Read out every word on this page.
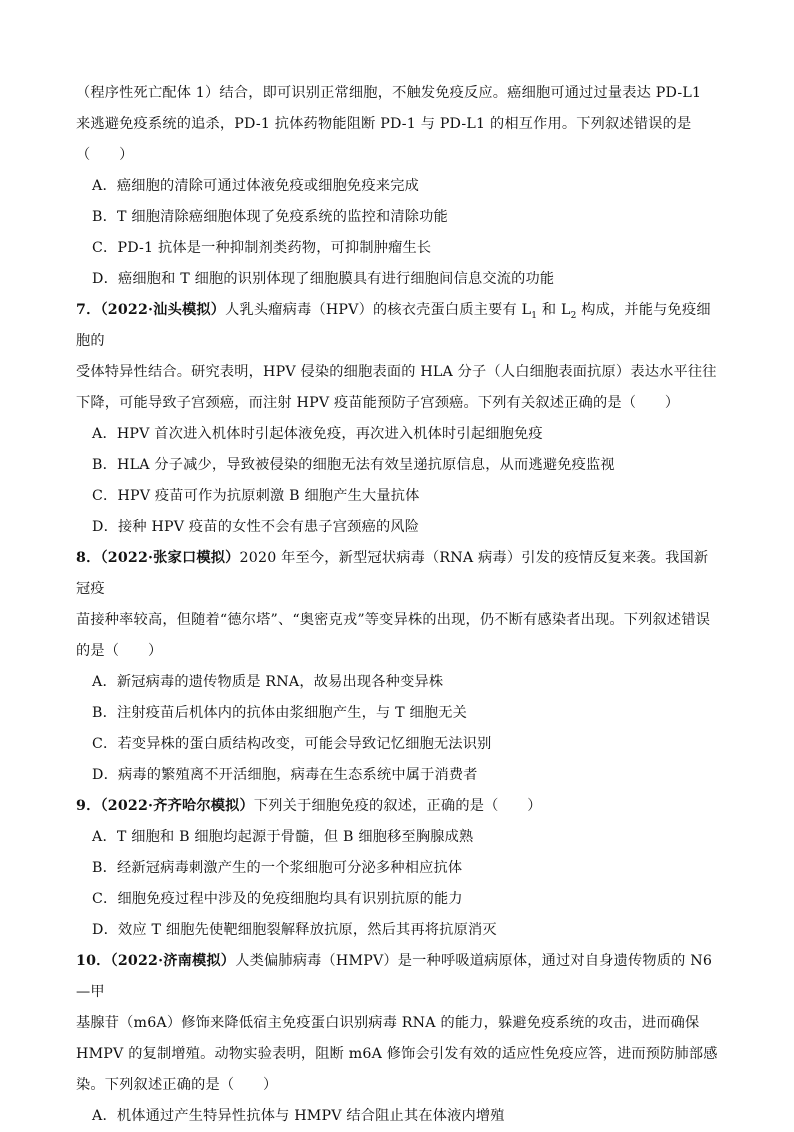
（程序性死亡配体 1）结合，即可识别正常细胞，不触发免疫反应。癌细胞可通过过量表达 PD-L1

来逃避免疫系统的追杀，PD-1 抗体药物能阻断 PD-1 与 PD-L1 的相互作用。下列叙述错误的是

（　　）

A．癌细胞的清除可通过体液免疫或细胞免疫来完成

B．T 细胞清除癌细胞体现了免疫系统的监控和清除功能

C．PD-1 抗体是一种抑制剂类药物，可抑制肿瘤生长

D．癌细胞和 T 细胞的识别体现了细胞膜具有进行细胞间信息交流的功能

7．（2022·汕头模拟）人乳头瘤病毒（HPV）的核衣壳蛋白质主要有 $L_1$ 和 $L_2$ 构成，并能与免疫细胞的

受体特异性结合。研究表明，HPV 侵染的细胞表面的 HLA 分子（人白细胞表面抗原）表达水平往往

下降，可能导致子宫颈癌，而注射 HPV 疫苗能预防子宫颈癌。下列有关叙述正确的是（　　）

A．HPV 首次进入机体时引起体液免疫，再次进入机体时引起细胞免疫

B．HLA 分子减少，导致被侵染的细胞无法有效呈递抗原信息，从而逃避免疫监视

C．HPV 疫苗可作为抗原刺激 B 细胞产生大量抗体

D．接种 HPV 疫苗的女性不会有患子宫颈癌的风险

8．（2022·张家口模拟）2020 年至今，新型冠状病毒（RNA 病毒）引发的疫情反复来袭。我国新冠疫

苗接种率较高，但随着“德尔塔”、“奥密克戎”等变异株的出现，仍不断有感染者出现。下列叙述错误

的是（　　）

A．新冠病毒的遗传物质是 RNA，故易出现各种变异株

B．注射疫苗后机体内的抗体由浆细胞产生，与 T 细胞无关

C．若变异株的蛋白质结构改变，可能会导致记忆细胞无法识别

D．病毒的繁殖离不开活细胞，病毒在生态系统中属于消费者

9．（2022·齐齐哈尔模拟）下列关于细胞免疫的叙述，正确的是（　　）

A．T 细胞和 B 细胞均起源于骨髓，但 B 细胞移至胸腺成熟

B．经新冠病毒刺激产生的一个浆细胞可分泌多种相应抗体

C．细胞免疫过程中涉及的免疫细胞均具有识别抗原的能力

D．效应 T 细胞先使靶细胞裂解释放抗原，然后其再将抗原消灭

10．（2022·济南模拟）人类偏肺病毒（HMPV）是一种呼吸道病原体，通过对自身遗传物质的 N6—甲

基腺苷（m6A）修饰来降低宿主免疫蛋白识别病毒 RNA 的能力，躲避免疫系统的攻击，进而确保

HMPV 的复制增殖。动物实验表明，阻断 m6A 修饰会引发有效的适应性免疫应答，进而预防肺部感

染。下列叙述正确的是（　　）

A．机体通过产生特异性抗体与 HMPV 结合阻止其在体液内增殖
